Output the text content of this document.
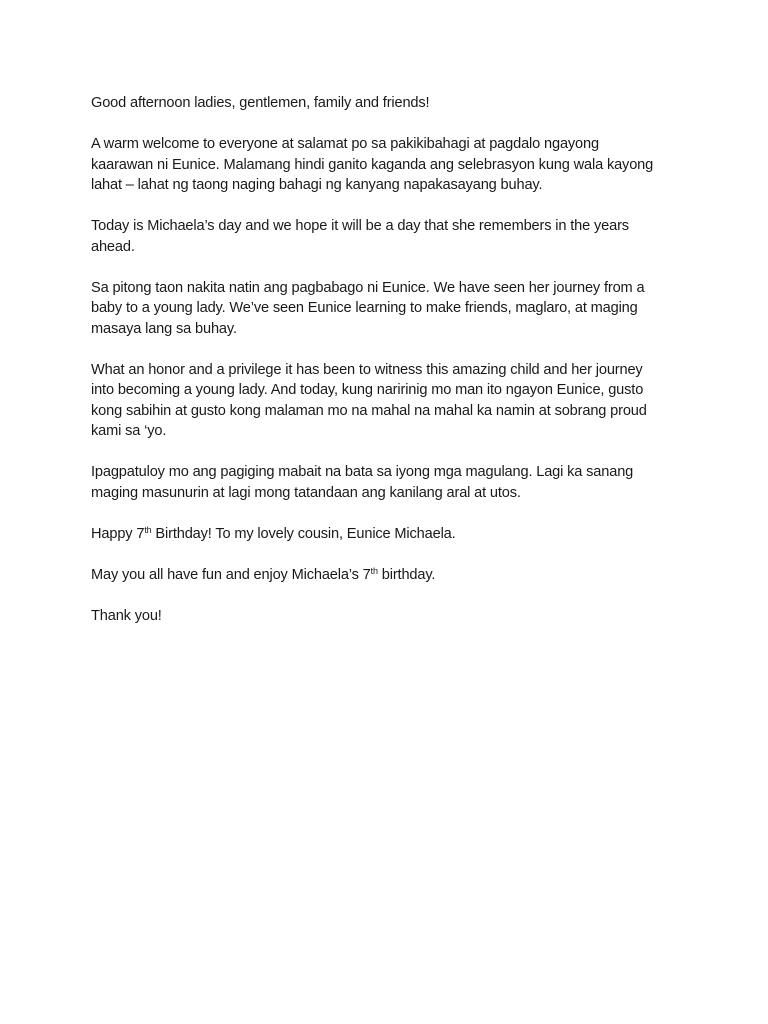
Good afternoon ladies, gentlemen, family and friends!

A warm welcome to everyone at salamat po sa pakikibahagi at pagdalo ngayong
kaarawan ni Eunice. Malamang hindi ganito kaganda ang selebrasyon kung wala kayong
lahat – lahat ng taong naging bahagi ng kanyang napakasayang buhay.

Today is Michaela’s day and we hope it will be a day that she remembers in the years
ahead.

Sa pitong taon nakita natin ang pagbabago ni Eunice. We have seen her journey from a
baby to a young lady. We’ve seen Eunice learning to make friends, maglaro, at maging
masaya lang sa buhay.

What an honor and a privilege it has been to witness this amazing child and her journey
into becoming a young lady. And today, kung naririnig mo man ito ngayon Eunice, gusto
kong sabihin at gusto kong malaman mo na mahal na mahal ka namin at sobrang proud
kami sa ‘yo.

Ipagpatuloy mo ang pagiging mabait na bata sa iyong mga magulang. Lagi ka sanang
maging masunurin at lagi mong tatandaan ang kanilang aral at utos.

Happy 7th Birthday! To my lovely cousin, Eunice Michaela.

May you all have fun and enjoy Michaela’s 7th birthday.

Thank you!
